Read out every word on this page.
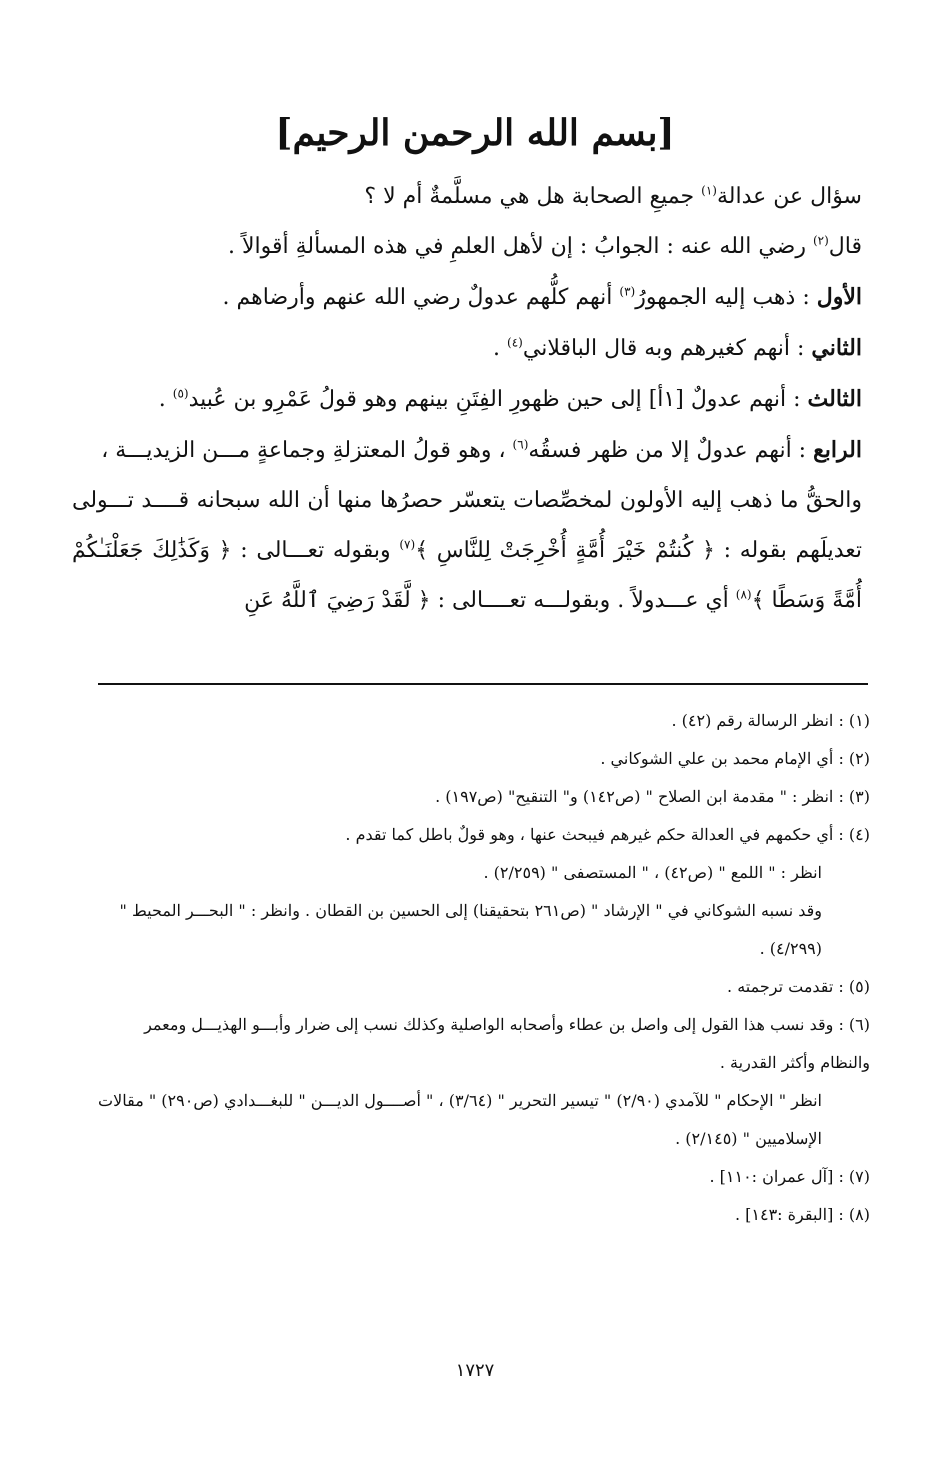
[بسم الله الرحمن الرحيم]

سؤال عن عدالة$^{(١)}$ جميعِ الصحابة هل هي مسلَّمةٌ أم لا ؟

قال$^{(٢)}$ رضي الله عنه : الجوابُ : إن لأهل العلمِ في هذه المسألةِ أقوالاً .

الأول : ذهب إليه الجمهورُ$^{(٣)}$ أنهم كلُّهم عدولٌ رضي الله عنهم وأرضاهم .

الثاني : أنهم كغيرهم وبه قال الباقلاني$^{(٤)}$ .

الثالث : أنهم عدولٌ [١أ] إلى حين ظهورِ الفِتَنِ بينهم وهو قولُ عَمْرِو بن عُبيد$^{(٥)}$ .

الرابع : أنهم عدولٌ إلا من ظهر فسقُه$^{(٦)}$ ، وهو قولُ المعتزلةِ وجماعةٍ مـــن الزيديـــة ،

والحقُّ ما ذهب إليه الأولون لمخصِّصات يتعسّر حصرُها منها أن الله سبحانه قــــد تـــولى تعديلَهم بقوله : ﴿ كُنتُمْ خَيْرَ أُمَّةٍ أُخْرِجَتْ لِلنَّاسِ ﴾$^{(٧)}$ وبقوله تعـــالى : ﴿ وَكَذَٰلِكَ جَعَلْنَـٰكُمْ أُمَّةً وَسَطًا ﴾$^{(٨)}$ أي عـــدولاً . وبقولـــه تعــــالى : ﴿ لَّقَدْ رَضِيَ ٱللَّهُ عَنِ

(١) : انظر الرسالة رقم (٤٢) .

(٢) : أي الإمام محمد بن علي الشوكاني .

(٣) : انظر : " مقدمة ابن الصلاح " (ص١٤٢) و" التنقيح" (ص١٩٧) .

(٤) : أي حكمهم في العدالة حكم غيرهم فيبحث عنها ، وهو قولٌ باطل كما تقدم .

انظر : " اللمع " (ص٤٢) ، " المستصفى " (٢/٢٥٩) .

وقد نسبه الشوكاني في " الإرشاد " (ص٢٦١ بتحقيقنا) إلى الحسين بن القطان . وانظر : " البحـــر المحيط " (٤/٢٩٩) .

(٥) : تقدمت ترجمته .

(٦) : وقد نسب هذا القول إلى واصل بن عطاء وأصحابه الواصلية وكذلك نسب إلى ضرار وأبـــو الهذيـــل ومعمر والنظام وأكثر القدرية .

انظر " الإحكام " للآمدي (٢/٩٠) " تيسير التحرير " (٣/٦٤) ، " أصــــول الديـــن " للبغـــدادي (ص٢٩٠) " مقالات الإسلاميين " (٢/١٤٥) .

(٧) : [آل عمران :١١٠] .

(٨) : [البقرة :١٤٣] .

١٧٢٧
